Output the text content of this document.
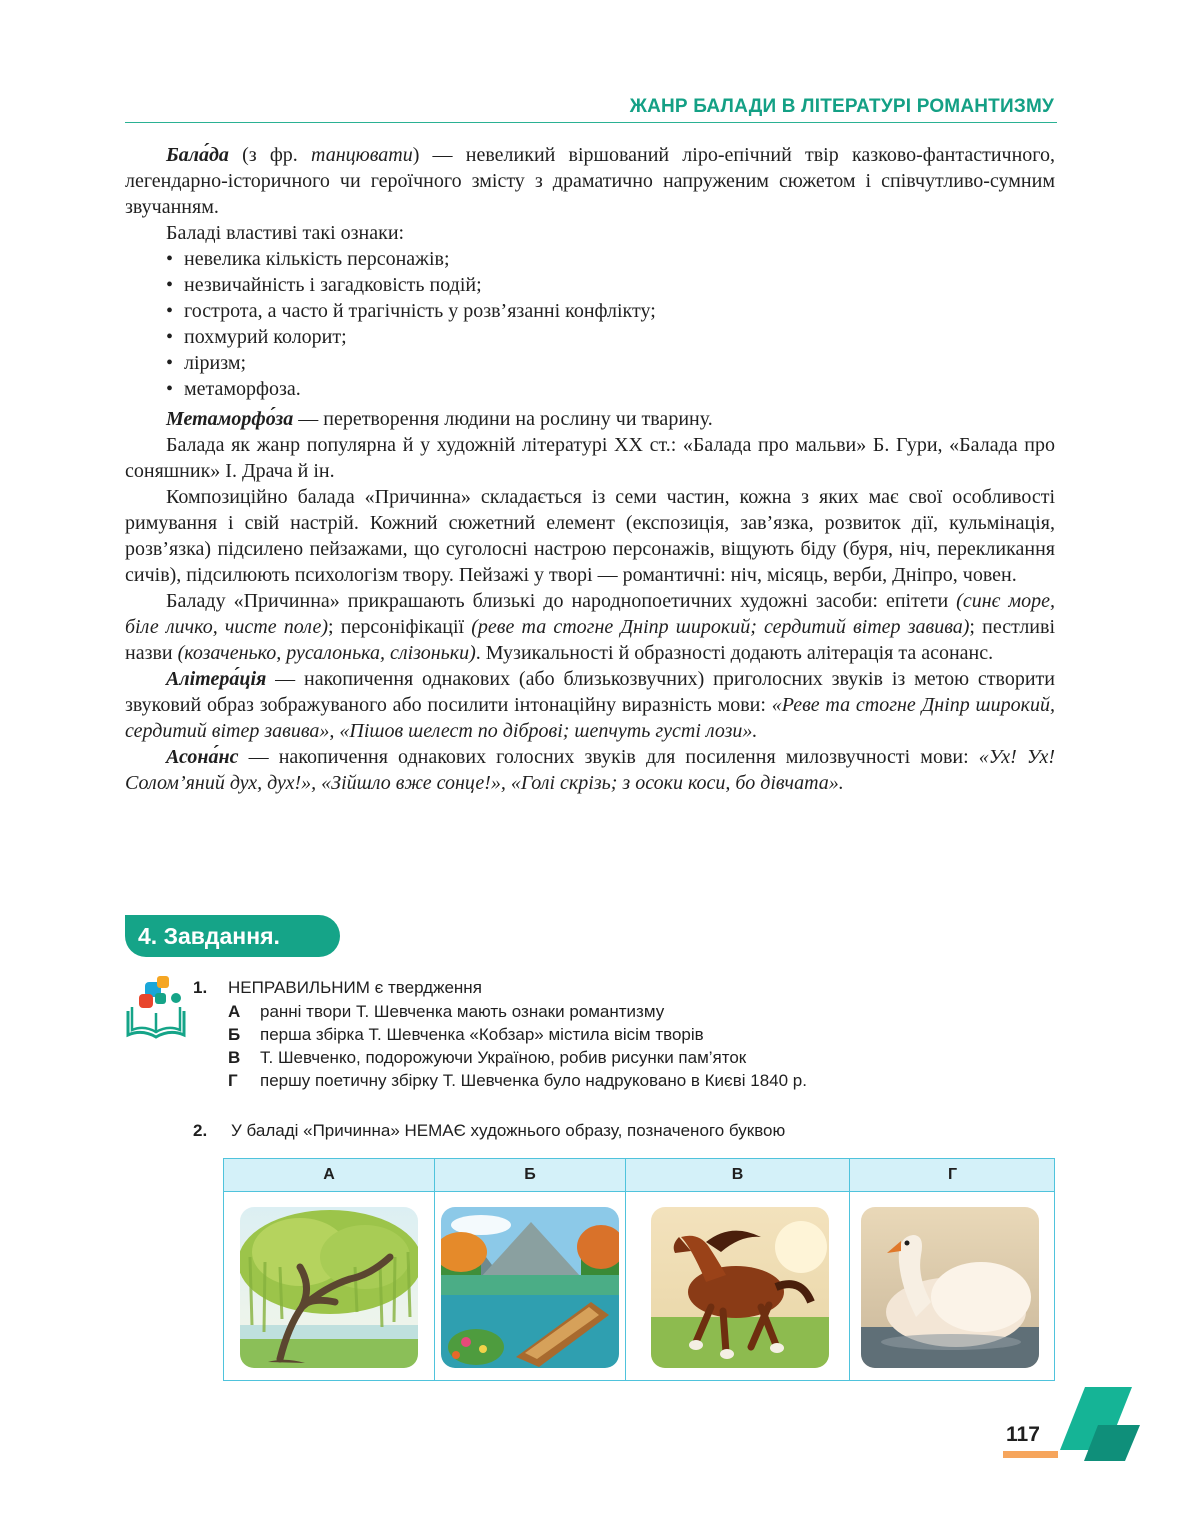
ЖАНР БАЛАДИ В ЛІТЕРАТУРІ РОМАНТИЗМУ

Бала́да (з фр. танцювати) — невеликий віршований ліро-епічний твір казково-фантастичного, легендарно-історичного чи героїчного змісту з драматично напруженим сюжетом і співчутливо-сумним звучанням.

Баладі властиві такі ознаки:

• невелика кількість персонажів;
• незвичайність і загадковість подій;
• гострота, а часто й трагічність у розв’язанні конфлікту;
• похмурий колорит;
• ліризм;
• метаморфоза.

Метаморфо́за — перетворення людини на рослину чи тварину.

Балада як жанр популярна й у художній літературі XX ст.: «Балада про мальви» Б. Гури, «Балада про соняшник» І. Драча й ін.

Композиційно балада «Причинна» складається із семи частин, кожна з яких має свої особливості римування і свій настрій. Кожний сюжетний елемент (експозиція, зав’язка, розвиток дії, кульмінація, розв’язка) підсилено пейзажами, що суголосні настрою персонажів, віщують біду (буря, ніч, перекликання сичів), підсилюють психологізм твору. Пейзажі у творі — романтичні: ніч, місяць, верби, Дніпро, човен.

Баладу «Причинна» прикрашають близькі до народнопоетичних художні засоби: епітети (синє море, біле личко, чисте поле); персоніфікації (реве та стогне Дніпр широкий; сердитий вітер завива); пестливі назви (козаченько, русалонька, слізоньки). Музикальності й образності додають алітерація та асонанс.

Алітера́ція — накопичення однакових (або близькозвучних) приголосних звуків із метою створити звуковий образ зображуваного або посилити інтонаційну виразність мови: «Реве та стогне Дніпр широкий, сердитий вітер завива», «Пішов шелест по діброві; шепчуть густі лози».

Асона́нс — накопичення однакових голосних звуків для посилення милозвучності мови: «Ух! Ух! Солом’яний дух, дух!», «Зійшло вже сонце!», «Голі скрізь; з осоки коси, бо дівчата».

4. Завдання.
1. НЕПРАВИЛЬНИМ є твердження
А ранні твори Т. Шевченка мають ознаки романтизму
Б перша збірка Т. Шевченка «Кобзар» містила вісім творів
В Т. Шевченко, подорожуючи Україною, робив рисунки пам’яток
Г першу поетичну збірку Т. Шевченка було надруковано в Києві 1840 р.
2. У баладі «Причинна» НЕМАЄ художнього образу, позначеного буквою
А	Б	В	Г
117
